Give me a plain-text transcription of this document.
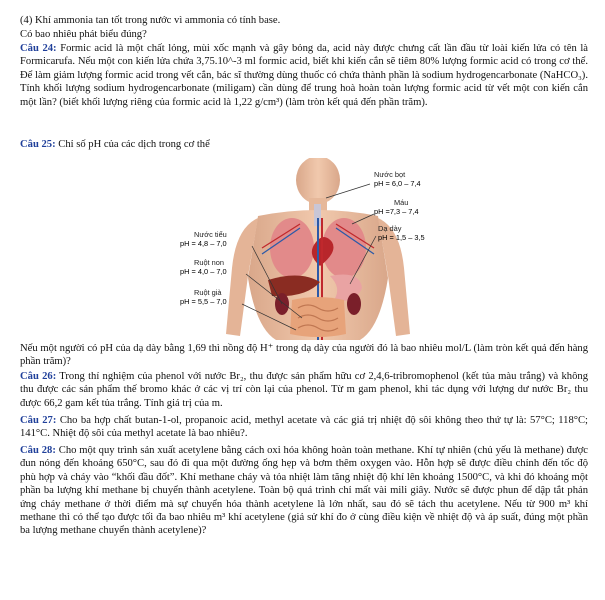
(4) Khí ammonia tan tốt trong nước vì ammonia có tính base.
Có bao nhiêu phát biểu đúng?
Câu 24: Formic acid là một chất lỏng, mùi xốc mạnh và gây bỏng da, acid này được chưng cất lần đầu từ loài kiến lửa có tên là Formicarufa. Nếu một con kiến lửa chứa 3,75.10^-3 ml formic acid, biết khi kiến cắn sẽ tiêm 80% lượng formic acid có trong cơ thể. Để làm giảm lượng formic acid trong vết cắn, bác sĩ thường dùng thuốc có chứa thành phần là sodium hydrogencarbonate (NaHCO₃). Tính khối lượng sodium hydrogencarbonate (miligam) cần dùng để trung hoà hoàn toàn lượng formic acid từ vết một con kiến cắn một lần? (biết khối lượng riêng của formic acid là 1,22 g/cm³) (làm tròn kết quả đến phần trăm).
Câu 25: Chỉ số pH của các dịch trong cơ thể
Nước bọt
pH = 6,0 – 7,4
Máu
pH =7,3 – 7,4
Dạ dày
pH = 1,5 – 3,5
Nước tiểu
pH = 4,8 – 7,0
Ruột non
pH = 4,0 – 7,0
Ruột già
pH = 5,5 – 7,0
Nếu một người có pH của dạ dày bằng 1,69 thì nồng độ H⁺ trong dạ dày của người đó là bao nhiêu mol/L (làm tròn kết quả đến hàng phần trăm)?
Câu 26: Trong thí nghiệm của phenol với nước Br₂, thu được sản phẩm hữu cơ 2,4,6-tribromophenol (kết tủa màu trắng) và không thu được các sản phẩm thế bromo khác ở các vị trí còn lại của phenol. Từ m gam phenol, khi tác dụng với lượng dư nước Br₂ thu được 66,2 gam kết tủa trắng. Tính giá trị của m.
Câu 27: Cho ba hợp chất butan-1-ol, propanoic acid, methyl acetate và các giá trị nhiệt độ sôi không theo thứ tự là: 57°C; 118°C; 141°C. Nhiệt độ sôi của methyl acetate là bao nhiêu?.
Câu 28: Cho một quy trình sản xuất acetylene bằng cách oxi hóa không hoàn toàn methane. Khí tự nhiên (chủ yếu là methane) được đun nóng đến khoảng 650°C, sau đó đi qua một đường ống hẹp và bơm thêm oxygen vào. Hỗn hợp sẽ được điều chỉnh đến tốc độ phù hợp và cháy vào “khối đầu đốt”. Khí methane cháy và tỏa nhiệt làm tăng nhiệt độ khí lên khoảng 1500°C, và khi đó khoảng một phần ba lượng khí methane bị chuyển thành acetylene. Toàn bộ quá trình chỉ mất vài mili giây. Nước sẽ được phun để dập tắt phản ứng cháy methane ở thời điểm mà sự chuyển hóa thành acetylene là lớn nhất, sau đó sẽ tách thu acetylene. Nếu từ 900 m³ khí methane thì có thể tạo được tối đa bao nhiêu m³ khí acetylene (giả sử khí đo ở cùng điều kiện về nhiệt độ và áp suất, đúng một phần ba lượng methane chuyển thành acetylene)?
